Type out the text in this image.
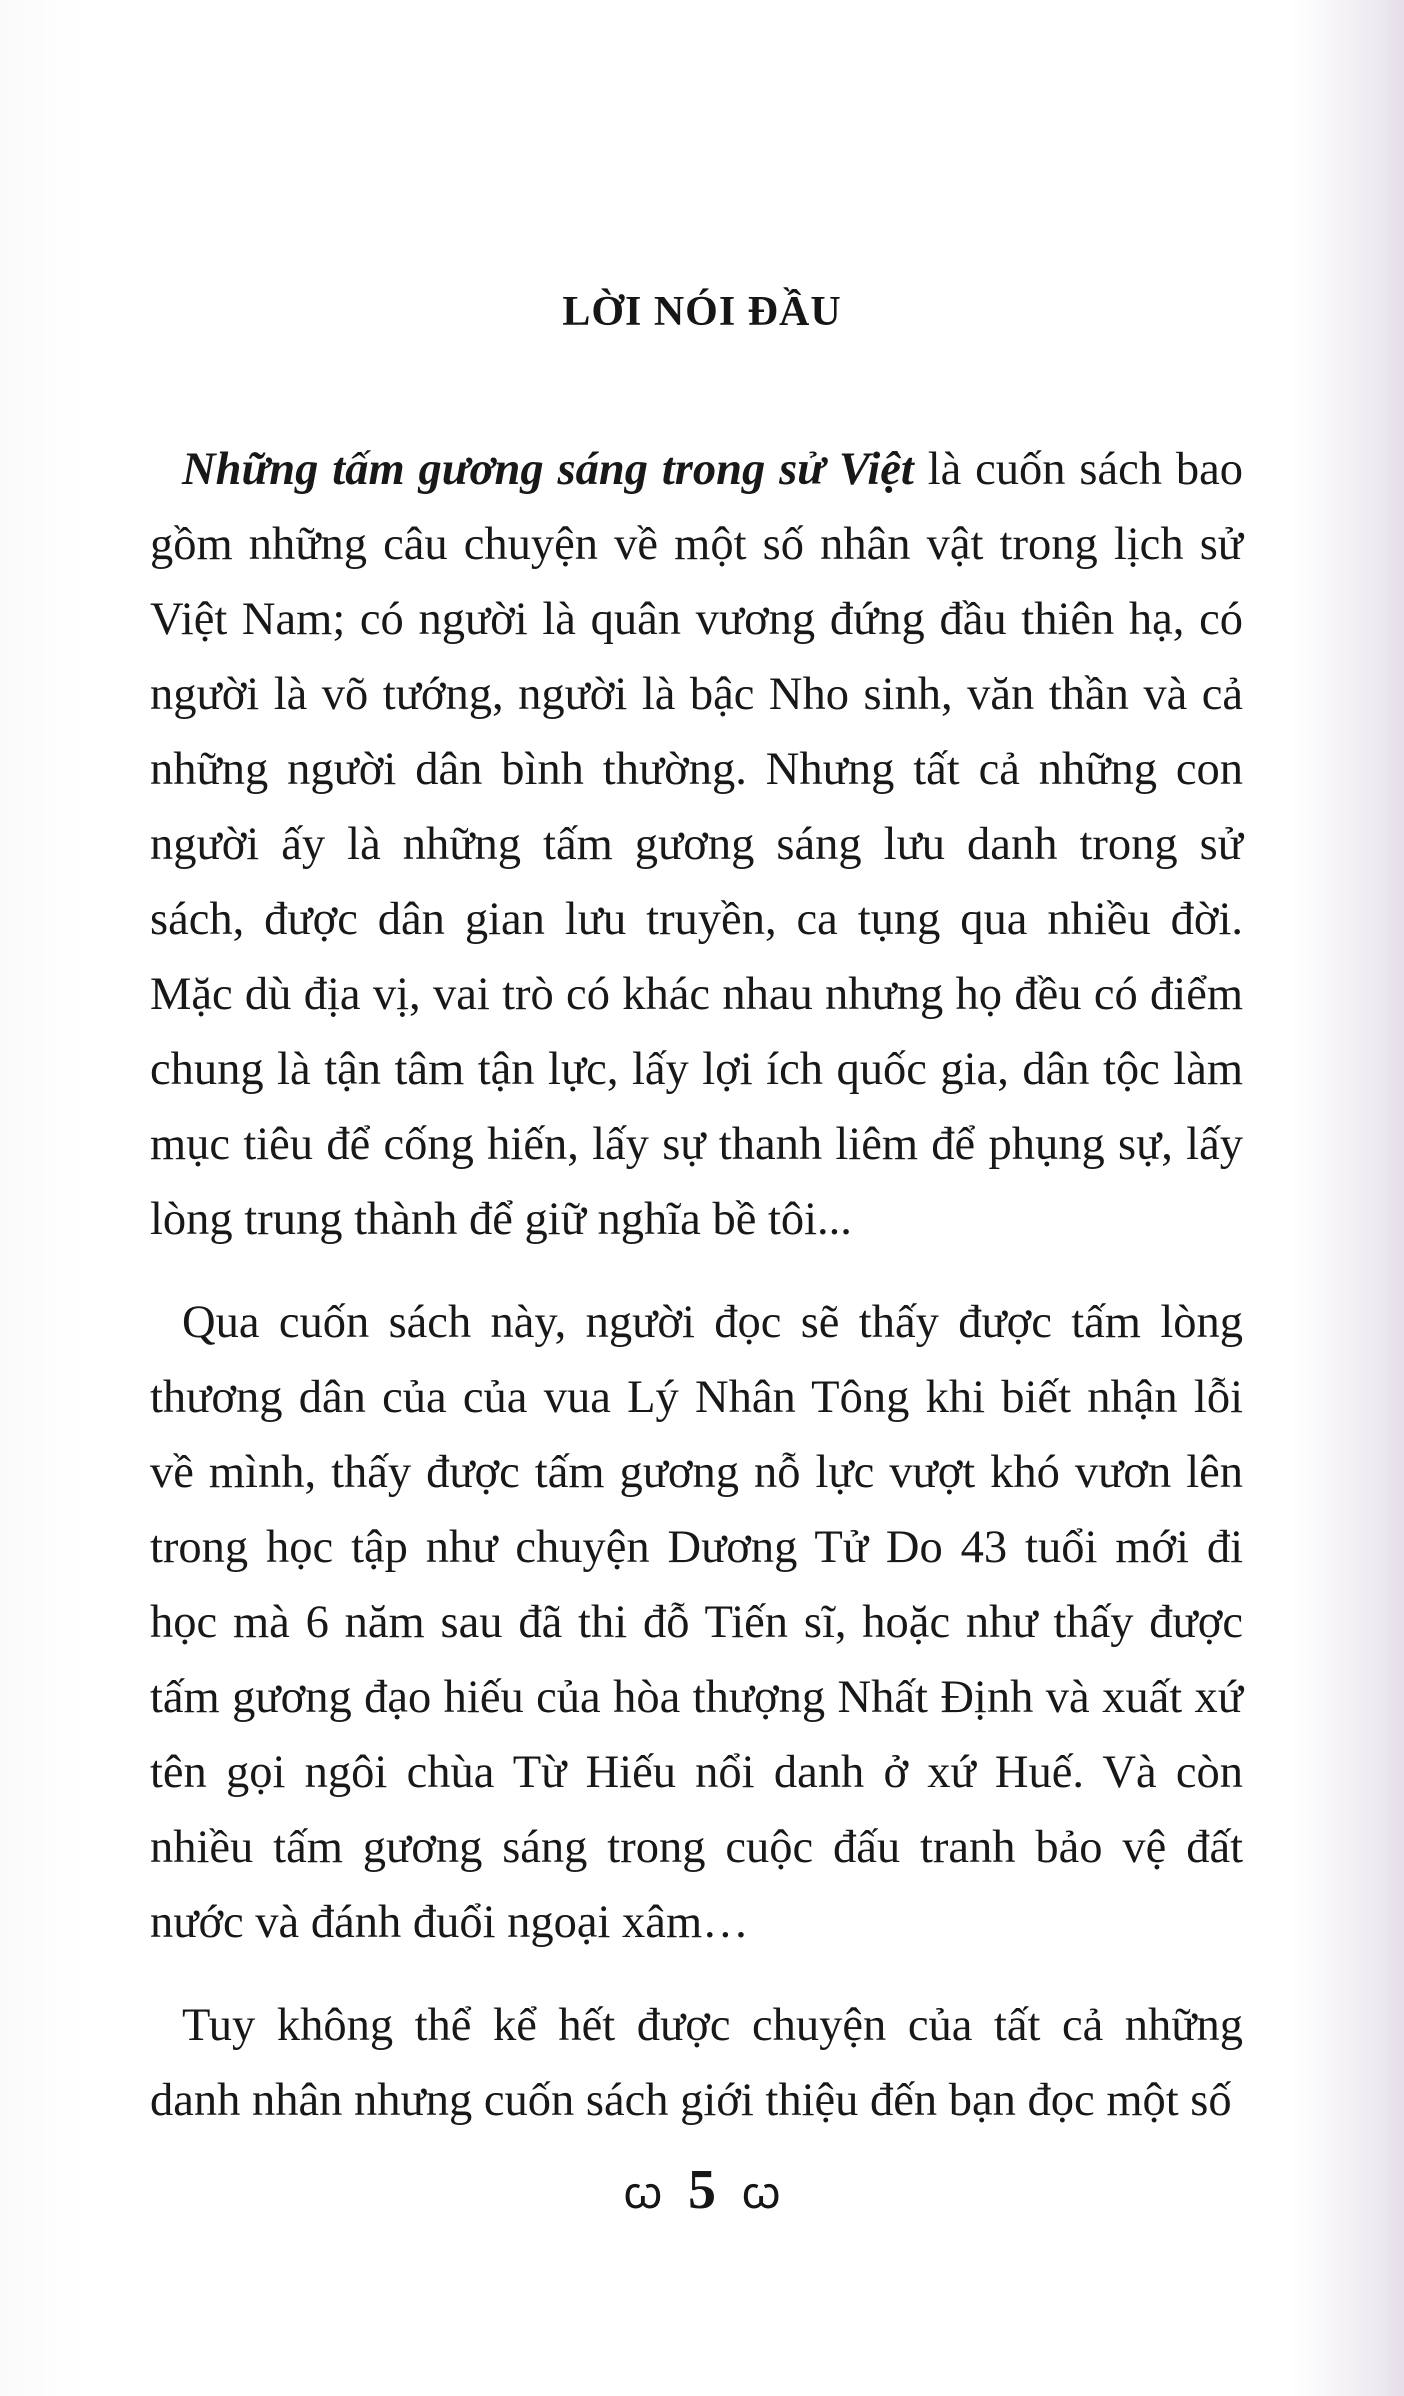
LỜI NÓI ĐẦU

Những tấm gương sáng trong sử Việt là cuốn sách bao gồm những câu chuyện về một số nhân vật trong lịch sử Việt Nam; có người là quân vương đứng đầu thiên hạ, có người là võ tướng, người là bậc Nho sinh, văn thần và cả những người dân bình thường. Nhưng tất cả những con người ấy là những tấm gương sáng lưu danh trong sử sách, được dân gian lưu truyền, ca tụng qua nhiều đời. Mặc dù địa vị, vai trò có khác nhau nhưng họ đều có điểm chung là tận tâm tận lực, lấy lợi ích quốc gia, dân tộc làm mục tiêu để cống hiến, lấy sự thanh liêm để phụng sự, lấy lòng trung thành để giữ nghĩa bề tôi...

Qua cuốn sách này, người đọc sẽ thấy được tấm lòng thương dân của của vua Lý Nhân Tông khi biết nhận lỗi về mình, thấy được tấm gương nỗ lực vượt khó vươn lên trong học tập như chuyện Dương Tử Do 43 tuổi mới đi học mà 6 năm sau đã thi đỗ Tiến sĩ, hoặc như thấy được tấm gương đạo hiếu của hòa thượng Nhất Định và xuất xứ tên gọi ngôi chùa Từ Hiếu nổi danh ở xứ Huế. Và còn nhiều tấm gương sáng trong cuộc đấu tranh bảo vệ đất nước và đánh đuổi ngoại xâm…

Tuy không thể kể hết được chuyện của tất cả những danh nhân nhưng cuốn sách giới thiệu đến bạn đọc một số

ꞷ 5 ꞷ
